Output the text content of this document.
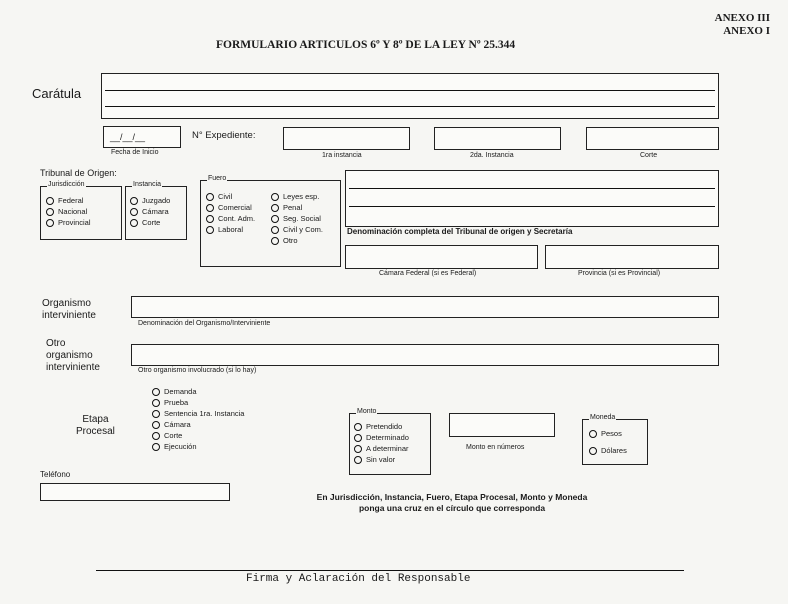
ANEXO III
ANEXO I
FORMULARIO ARTICULOS 6º Y 8º DE LA LEY Nº 25.344
Carátula
__/__/__
Fecha de Inicio
N° Expediente:
1ra instancia	2da. Instancia	Corte
Tribunal de Origen:
Jurisdicción
Federal
Nacional
Provincial
Instancia
Juzgado
Cámara
Corte
Fuero
Civil
Comercial
Cont. Adm.
Laboral
Leyes esp.
Penal
Seg. Social
Civil y Com.
Otro
Denominación completa del Tribunal de origen y Secretaría
Cámara Federal (si es Federal)	Provincia (si es Provincial)
Organismo
interviniente
Denominación del Organismo/Interviniente
Otro
organismo
interviniente	Otro organismo involucrado (si lo hay)
Etapa
Procesal
Demanda
Prueba
Sentencia 1ra. Instancia
Cámara
Corte
Ejecución
Monto
Pretendido
Determinado
A determinar
Sin valor
Monto en números
Moneda
Pesos
Dólares
Teléfono
En Jurisdicción, Instancia, Fuero, Etapa Procesal, Monto y Moneda
ponga una cruz en el círculo que corresponda
Firma y Aclaración del Responsable
